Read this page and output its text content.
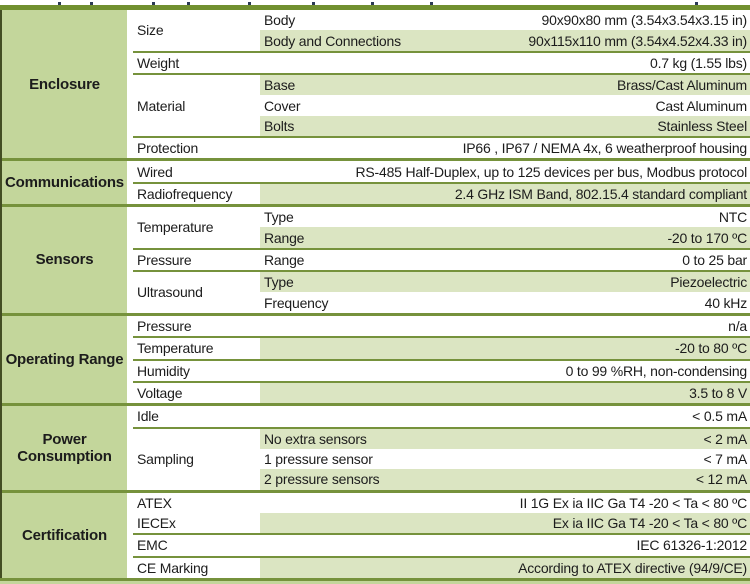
Enclosure
Size
Body	90x90x80 mm (3.54x3.54x3.15 in)
Body and Connections	90x115x110 mm (3.54x4.52x4.33 in)
Weight	0.7 kg (1.55 lbs)
Material
Base	Brass/Cast Aluminum
Cover	Cast Aluminum
Bolts	Stainless Steel
Protection	IP66 , IP67 / NEMA 4x, 6 weatherproof housing
Communications
Wired	RS-485 Half-Duplex, up to 125 devices per bus, Modbus protocol
Radiofrequency	2.4 GHz ISM Band, 802.15.4 standard compliant
Sensors
Temperature
Type	NTC
Range	-20 to 170 ºC
Pressure	Range	0 to 25 bar
Ultrasound
Type	Piezoelectric
Frequency	40 kHz
Operating Range
Pressure	n/a
Temperature	-20 to 80 ºC
Humidity	0 to 99 %RH, non-condensing
Voltage	3.5 to 8 V
Power Consumption
Idle	< 0.5 mA
Sampling
No extra sensors	< 2 mA
1 pressure sensor	< 7 mA
2 pressure sensors	< 12 mA
Certification
ATEX	II 1G Ex ia IIC Ga T4 -20 < Ta < 80 ºC
IECEx	Ex ia IIC Ga T4 -20 < Ta < 80 ºC
EMC	IEC 61326-1:2012
CE Marking	According to ATEX directive (94/9/CE)
